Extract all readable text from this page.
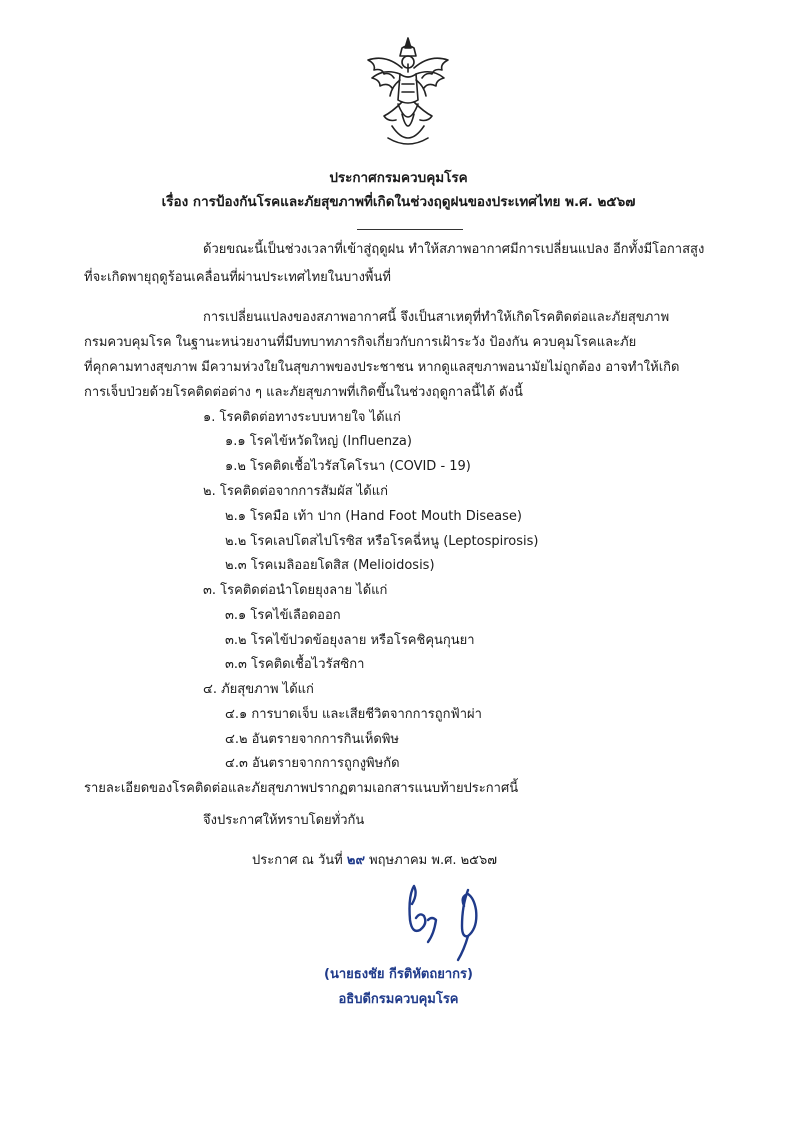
ประกาศกรมควบคุมโรค
เรื่อง การป้องกันโรคและภัยสุขภาพที่เกิดในช่วงฤดูฝนของประเทศไทย พ.ศ. ๒๕๖๗
ด้วยขณะนี้เป็นช่วงเวลาที่เข้าสู่ฤดูฝน ทำให้สภาพอากาศมีการเปลี่ยนแปลง อีกทั้งมีโอกาสสูง
ที่จะเกิดพายุฤดูร้อนเคลื่อนที่ผ่านประเทศไทยในบางพื้นที่
การเปลี่ยนแปลงของสภาพอากาศนี้ จึงเป็นสาเหตุที่ทำให้เกิดโรคติดต่อและภัยสุขภาพ
กรมควบคุมโรค ในฐานะหน่วยงานที่มีบทบาทภารกิจเกี่ยวกับการเฝ้าระวัง ป้องกัน ควบคุมโรคและภัย
ที่คุกคามทางสุขภาพ มีความห่วงใยในสุขภาพของประชาชน หากดูแลสุขภาพอนามัยไม่ถูกต้อง อาจทำให้เกิด
การเจ็บป่วยด้วยโรคติดต่อต่าง ๆ และภัยสุขภาพที่เกิดขึ้นในช่วงฤดูกาลนี้ได้ ดังนี้
๑. โรคติดต่อทางระบบหายใจ ได้แก่
๑.๑ โรคไข้หวัดใหญ่ (Influenza)
๑.๒ โรคติดเชื้อไวรัสโคโรนา (COVID - 19)
๒. โรคติดต่อจากการสัมผัส ได้แก่
๒.๑ โรคมือ เท้า ปาก (Hand Foot Mouth Disease)
๒.๒ โรคเลปโตสไปโรซิส หรือโรคฉี่หนู (Leptospirosis)
๒.๓ โรคเมลิออยโดสิส (Melioidosis)
๓. โรคติดต่อนำโดยยุงลาย ได้แก่
๓.๑ โรคไข้เลือดออก
๓.๒ โรคไข้ปวดข้อยุงลาย หรือโรคชิคุนกุนยา
๓.๓ โรคติดเชื้อไวรัสซิกา
๔. ภัยสุขภาพ ได้แก่
๔.๑ การบาดเจ็บ และเสียชีวิตจากการถูกฟ้าผ่า
๔.๒ อันตรายจากการกินเห็ดพิษ
๔.๓ อันตรายจากการถูกงูพิษกัด
รายละเอียดของโรคติดต่อและภัยสุขภาพปรากฏตามเอกสารแนบท้ายประกาศนี้
จึงประกาศให้ทราบโดยทั่วกัน
ประกาศ ณ วันที่ ๒๙ พฤษภาคม พ.ศ. ๒๕๖๗
(นายธงชัย กีรติหัตถยากร)
อธิบดีกรมควบคุมโรค
